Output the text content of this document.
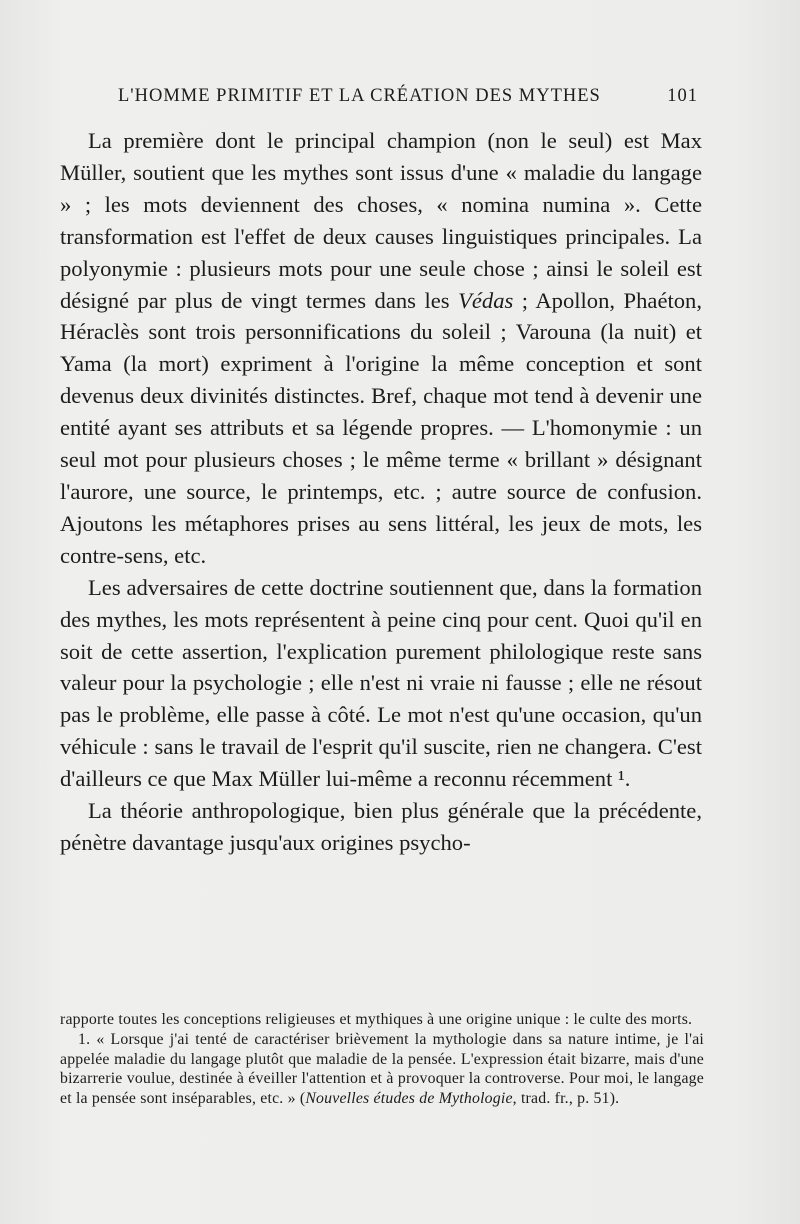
L'HOMME PRIMITIF ET LA CRÉATION DES MYTHES	101

La première dont le principal champion (non le seul) est Max Müller, soutient que les mythes sont issus d'une « maladie du langage » ; les mots deviennent des choses, « nomina numina ». Cette transformation est l'effet de deux causes linguistiques principales. La polyonymie : plusieurs mots pour une seule chose ; ainsi le soleil est désigné par plus de vingt termes dans les Védas ; Apollon, Phaéton, Héraclès sont trois personnifications du soleil ; Varouna (la nuit) et Yama (la mort) expriment à l'origine la même conception et sont devenus deux divinités distinctes. Bref, chaque mot tend à devenir une entité ayant ses attributs et sa légende propres. — L'homonymie : un seul mot pour plusieurs choses ; le même terme « brillant » désignant l'aurore, une source, le printemps, etc. ; autre source de confusion. Ajoutons les métaphores prises au sens littéral, les jeux de mots, les contre-sens, etc.

Les adversaires de cette doctrine soutiennent que, dans la formation des mythes, les mots représentent à peine cinq pour cent. Quoi qu'il en soit de cette assertion, l'explication purement philologique reste sans valeur pour la psychologie ; elle n'est ni vraie ni fausse ; elle ne résout pas le problème, elle passe à côté. Le mot n'est qu'une occasion, qu'un véhicule : sans le travail de l'esprit qu'il suscite, rien ne changera. C'est d'ailleurs ce que Max Müller lui-même a reconnu récemment ¹.

La théorie anthropologique, bien plus générale que la précédente, pénètre davantage jusqu'aux origines psycho-

rapporte toutes les conceptions religieuses et mythiques à une origine unique : le culte des morts.

1. « Lorsque j'ai tenté de caractériser brièvement la mythologie dans sa nature intime, je l'ai appelée maladie du langage plutôt que maladie de la pensée. L'expression était bizarre, mais d'une bizarrerie voulue, destinée à éveiller l'attention et à provoquer la controverse. Pour moi, le langage et la pensée sont inséparables, etc. » (Nouvelles études de Mythologie, trad. fr., p. 51).
